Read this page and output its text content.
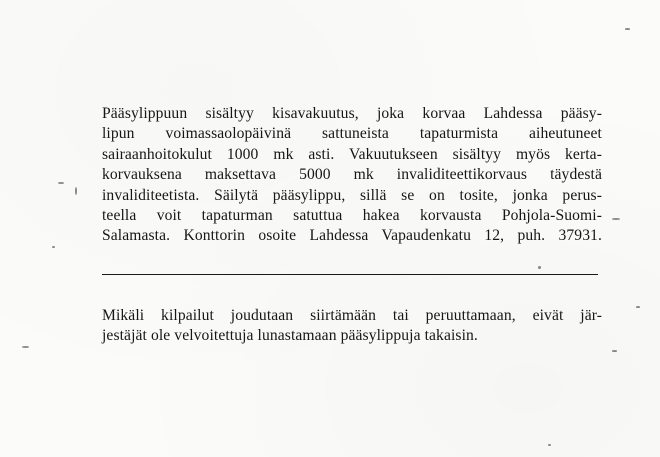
Pääsylippuun sisältyy kisavakuutus, joka korvaa Lahdessa pääsy-
lipun voimassaolopäivinä sattuneista tapaturmista aiheutuneet
sairaanhoitokulut 1000 mk asti. Vakuutukseen sisältyy myös kerta-
korvauksena maksettava 5000 mk invaliditeettikorvaus täydestä
invaliditeetista. Säilytä pääsylippu, sillä se on tosite, jonka perus-
teella voit tapaturman satuttua hakea korvausta Pohjola-Suomi-
Salamasta. Konttorin osoite Lahdessa Vapaudenkatu 12, puh. 37931.
Mikäli kilpailut joudutaan siirtämään tai peruuttamaan, eivät jär-
jestäjät ole velvoitettuja lunastamaan pääsylippuja takaisin.
